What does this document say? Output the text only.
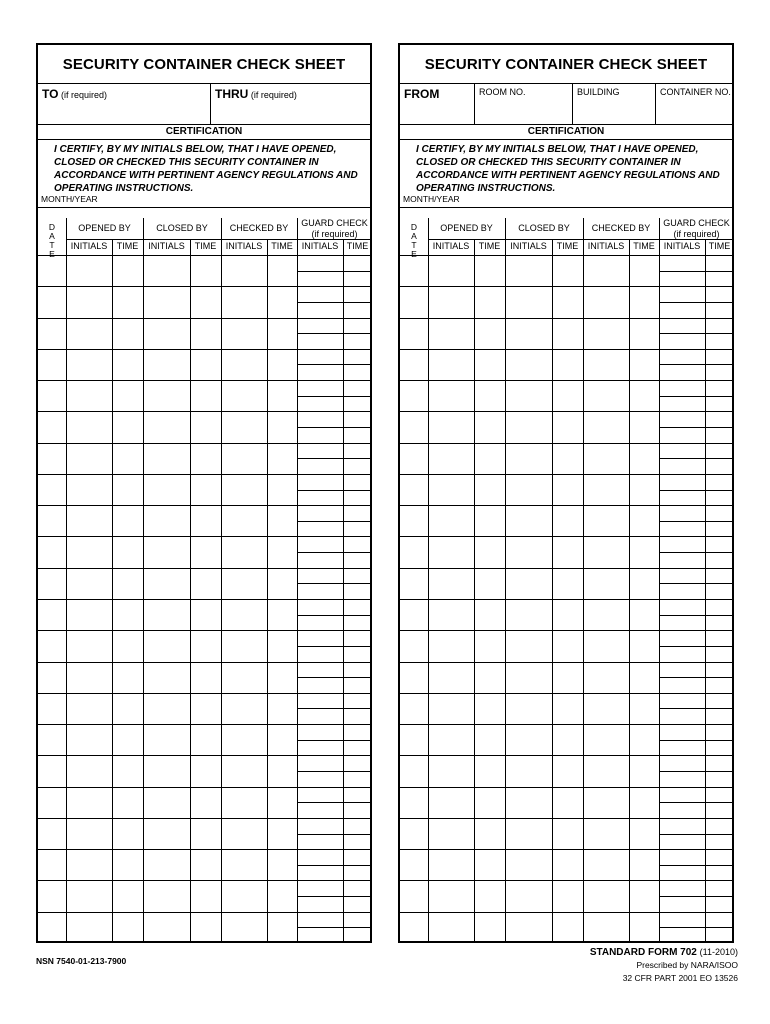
SECURITY CONTAINER CHECK SHEET
TO (if required)	THRU (if required)
CERTIFICATION
I CERTIFY, BY MY INITIALS BELOW, THAT I HAVE OPENED,
CLOSED OR CHECKED THIS SECURITY CONTAINER IN
ACCORDANCE WITH PERTINENT AGENCY REGULATIONS AND
OPERATING INSTRUCTIONS.
MONTH/YEAR
D
A
T
E
OPENED BY	CLOSED BY	CHECKED BY	GUARD CHECK
(if required)
INITIALS	TIME	INITIALS	TIME	INITIALS	TIME INITIALS TIME
SECURITY CONTAINER CHECK SHEET
FROM	ROOM NO.	BUILDING	CONTAINER NO.
CERTIFICATION
I CERTIFY, BY MY INITIALS BELOW, THAT I HAVE OPENED,
CLOSED OR CHECKED THIS SECURITY CONTAINER IN
ACCORDANCE WITH PERTINENT AGENCY REGULATIONS AND
OPERATING INSTRUCTIONS.
MONTH/YEAR
D
A
T
E
OPENED BY	CLOSED BY	CHECKED BY	GUARD CHECK
(if required)
INITIALS	TIME	INITIALS	TIME	INITIALS	TIME INITIALS TIME
NSN 7540-01-213-7900
STANDARD FORM 702 (11-2010)
Prescribed by NARA/ISOO
32 CFR PART 2001 EO 13526
